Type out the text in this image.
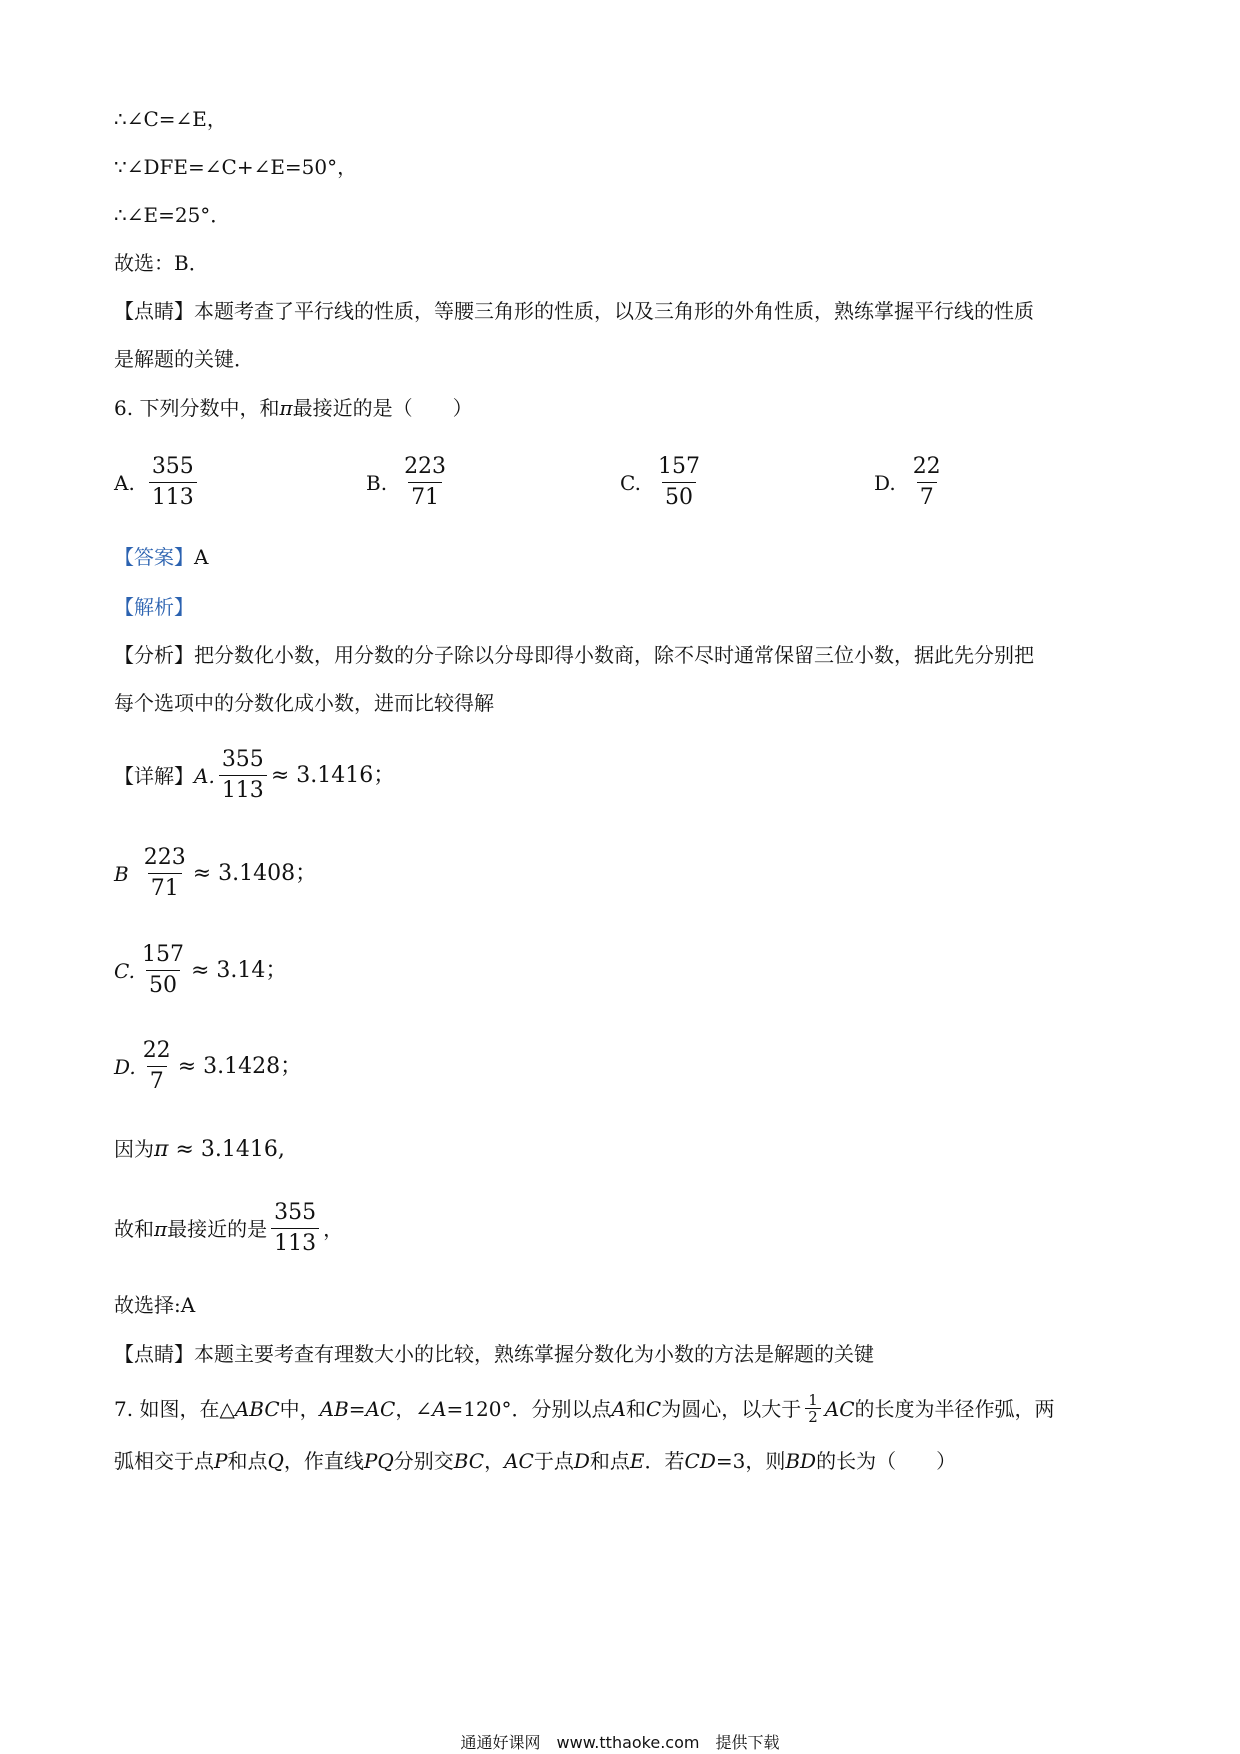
∴∠C=∠E，
∵∠DFE=∠C+∠E=50°，
∴∠E=25°．
故选：B．
【点睛】本题考查了平行线的性质，等腰三角形的性质，以及三角形的外角性质，熟练掌握平行线的性质
是解题的关键．
6. 下列分数中，和π最接近的是（　　）
A. $\frac{355}{113}$	B. $\frac{223}{71}$	C. $\frac{157}{50}$	D. $\frac{22}{7}$
【答案】A
【解析】
【分析】把分数化小数，用分数的分子除以分母即得小数商，除不尽时通常保留三位小数，据此先分别把
每个选项中的分数化成小数，进而比较得解
【详解】 A. $\frac{355}{113} \approx 3.1416$；
B $\frac{223}{71} \approx 3.1408$；
C. $\frac{157}{50} \approx 3.14$；
D. $\frac{22}{7} \approx 3.1428$；
因为π ≈ 3.1416,
故和 π 最接近的是 $\frac{355}{113}$ ，
故选择:A
【点睛】本题主要考查有理数大小的比较，熟练掌握分数化为小数的方法是解题的关键
7. 如图，在△ ABC 中， AB=AC ，∠ A =120°．分别以点 A 和 C 为圆心，以大于 $\frac{1}{2}$ AC 的长度为半径作弧，两
弧相交于点P和点Q，作直线PQ分别交BC，AC于点D和点E．若CD=3，则BD的长为（　　）
通通好课网　www.tthaoke.com　提供下载
